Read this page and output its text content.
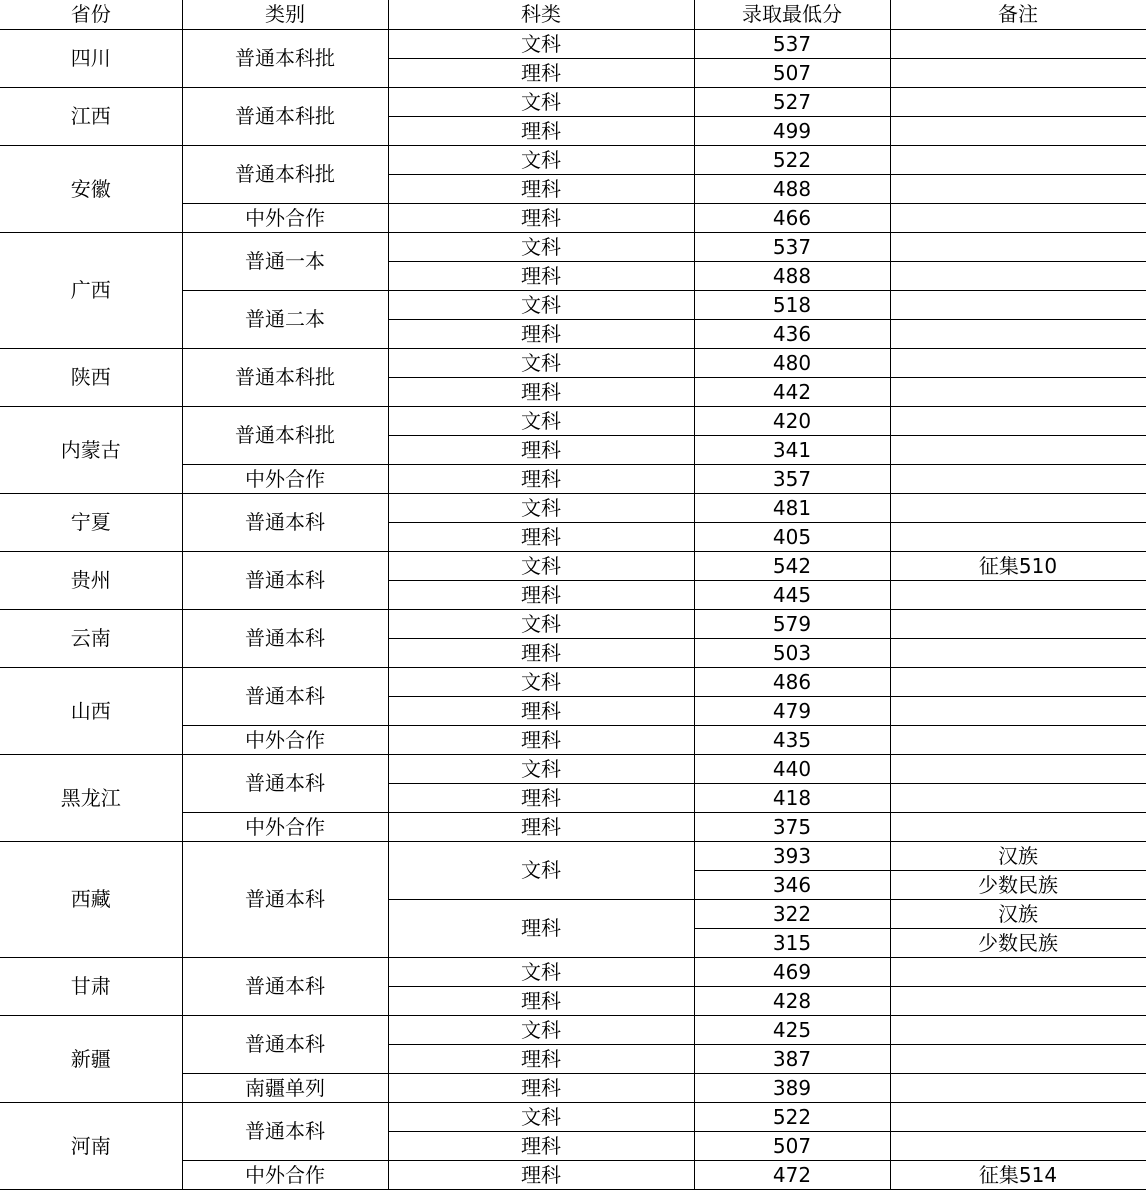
省份	类别	科类	录取最低分	备注
四川	普通本科批	文科	537	
		理科	507	
江西	普通本科批	文科	527	
		理科	499	
安徽	普通本科批	文科	522	
		理科	488	
	中外合作	理科	466	
广西	普通一本	文科	537	
		理科	488	
	普通二本	文科	518	
		理科	436	
陕西	普通本科批	文科	480	
		理科	442	
内蒙古	普通本科批	文科	420	
		理科	341	
	中外合作	理科	357	
宁夏	普通本科	文科	481	
		理科	405	
贵州	普通本科	文科	542	征集510
		理科	445	
云南	普通本科	文科	579	
		理科	503	
山西	普通本科	文科	486	
		理科	479	
	中外合作	理科	435	
黑龙江	普通本科	文科	440	
		理科	418	
	中外合作	理科	375	
西藏	普通本科	文科	393	汉族
			346	少数民族
		理科	322	汉族
			315	少数民族
甘肃	普通本科	文科	469	
		理科	428	
新疆	普通本科	文科	425	
		理科	387	
	南疆单列	理科	389	
河南	普通本科	文科	522	
		理科	507	
	中外合作	理科	472	征集514
